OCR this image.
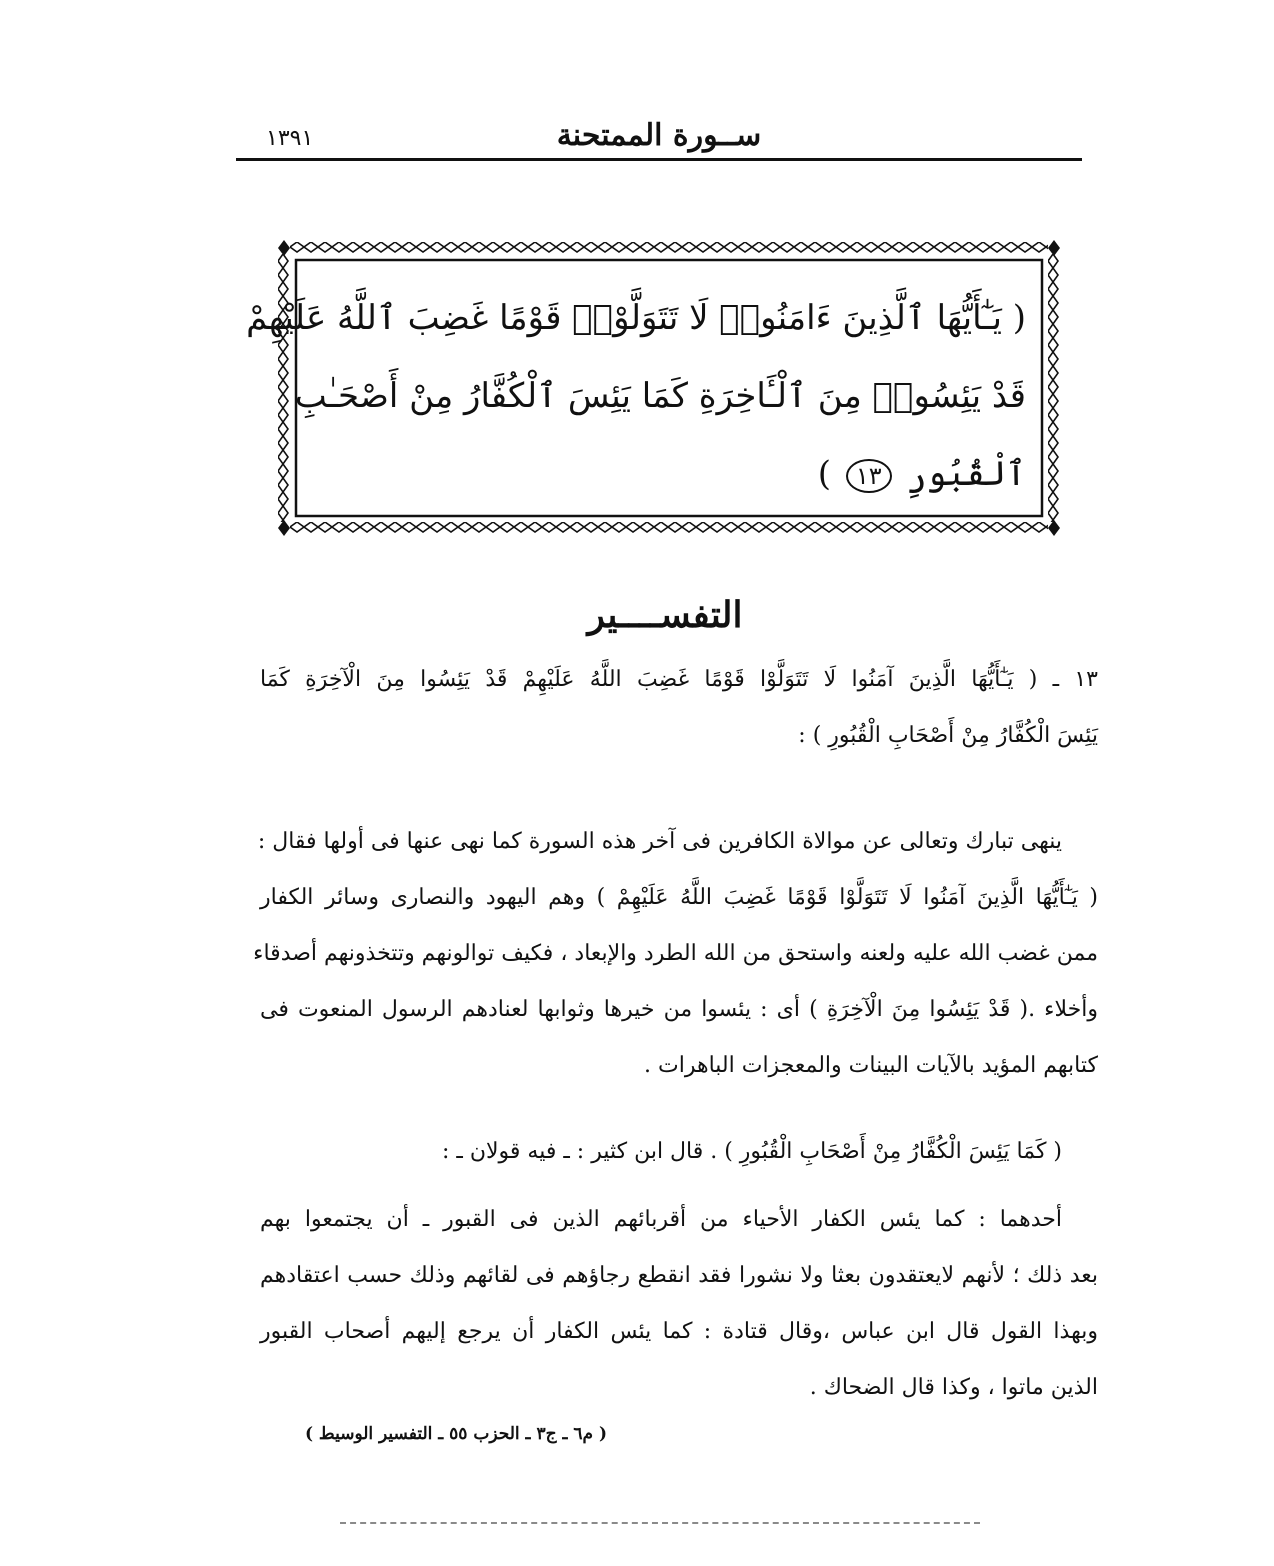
١٣٩١	ســورة الممتحنة
( يَـٰٓأَيُّهَا ٱلَّذِينَ ءَامَنُوا۟ لَا تَتَوَلَّوْا۟ قَوْمًا غَضِبَ ٱللَّهُ عَلَيْهِمْ
قَدْ يَئِسُوا۟ مِنَ ٱلْـَٔاخِرَةِ كَمَا يَئِسَ ٱلْكُفَّارُ مِنْ أَصْحَـٰبِ
ٱلْقُبُورِ ١٣ )
التفســــير
١٣ ـ ( يَـٰٓأَيُّهَا الَّذِينَ آمَنُوا لَا تَتَوَلَّوْا قَوْمًا غَضِبَ اللَّهُ عَلَيْهِمْ قَدْ يَئِسُوا مِنَ الْآخِرَةِ كَمَا
يَئِسَ الْكُفَّارُ مِنْ أَصْحَابِ الْقُبُورِ ) :
ينهى تبارك وتعالى عن موالاة الكافرين فى آخر هذه السورة كما نهى عنها فى أولها فقال :
( يَـٰٓأَيُّهَا الَّذِينَ آمَنُوا لَا تَتَوَلَّوْا قَوْمًا غَضِبَ اللَّهُ عَلَيْهِمْ ) وهم اليهود والنصارى وسائر الكفار
ممن غضب الله عليه ولعنه واستحق من الله الطرد والإبعاد ، فكيف توالونهم وتتخذونهم أصدقاء
وأخلاء .( قَدْ يَئِسُوا مِنَ الْآخِرَةِ ) أى : يئسوا من خيرها وثوابها لعنادهم الرسول المنعوت فى
كتابهم المؤيد بالآيات البينات والمعجزات الباهرات .
( كَمَا يَئِسَ الْكُفَّارُ مِنْ أَصْحَابِ الْقُبُورِ ) . قال ابن كثير : ـ فيه قولان ـ :
أحدهما : كما يئس الكفار الأحياء من أقربائهم الذين فى القبور ـ أن يجتمعوا بهم
بعد ذلك ؛ لأنهم لايعتقدون بعثا ولا نشورا فقد انقطع رجاؤهم فى لقائهم وذلك حسب اعتقادهم
وبهذا القول قال ابن عباس ،وقال قتادة : كما يئس الكفار أن يرجع إليهم أصحاب القبور
الذين ماتوا ، وكذا قال الضحاك .
( م٦ ـ ج٣ ـ الحزب ٥٥ ـ التفسير الوسيط )
